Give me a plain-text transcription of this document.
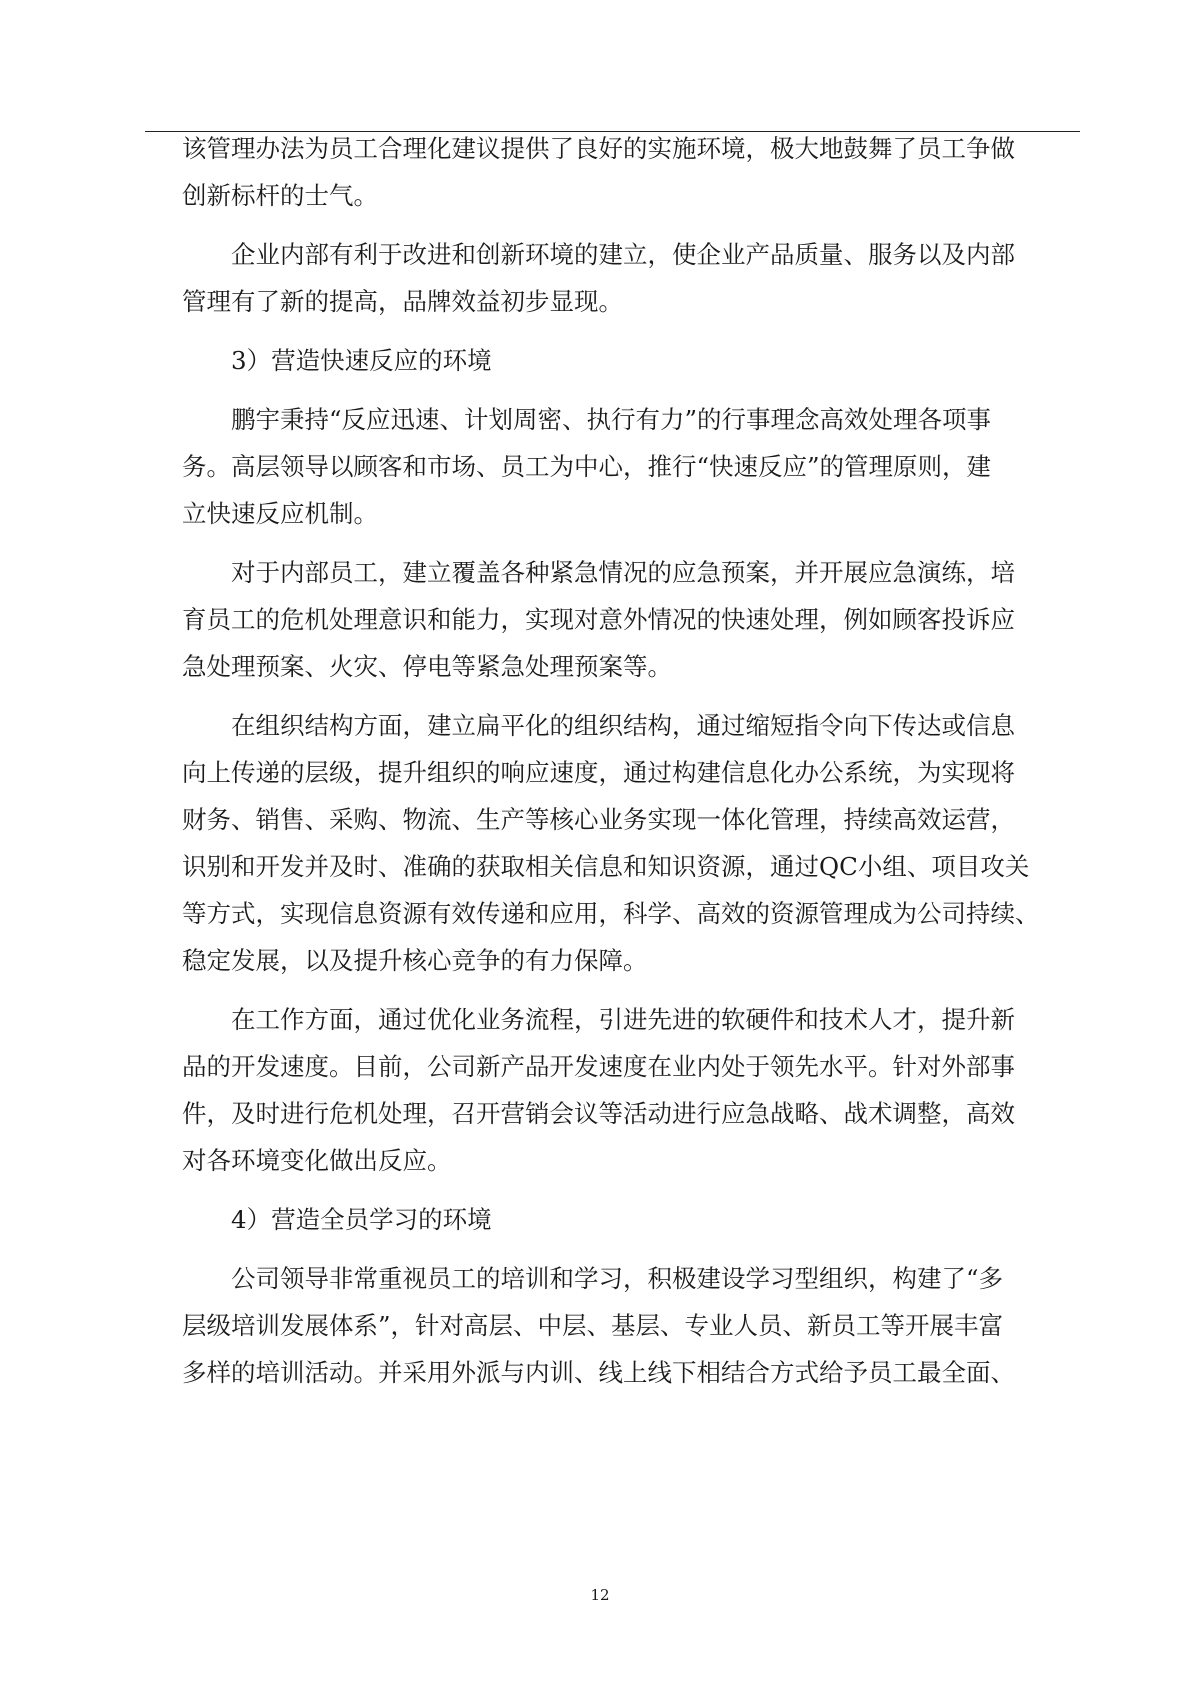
该管理办法为员工合理化建议提供了良好的实施环境，极大地鼓舞了员工争做
创新标杆的士气。
企业内部有利于改进和创新环境的建立，使企业产品质量、服务以及内部
管理有了新的提高，品牌效益初步显现。
3）营造快速反应的环境
鹏宇秉持“反应迅速、计划周密、执行有力”的行事理念高效处理各项事
务。高层领导以顾客和市场、员工为中心，推行“快速反应”的管理原则，建
立快速反应机制。
对于内部员工，建立覆盖各种紧急情况的应急预案，并开展应急演练，培
育员工的危机处理意识和能力，实现对意外情况的快速处理，例如顾客投诉应
急处理预案、火灾、停电等紧急处理预案等。
在组织结构方面，建立扁平化的组织结构，通过缩短指令向下传达或信息
向上传递的层级，提升组织的响应速度，通过构建信息化办公系统，为实现将
财务、销售、采购、物流、生产等核心业务实现一体化管理，持续高效运营，
识别和开发并及时、准确的获取相关信息和知识资源，通过QC小组、项目攻关
等方式，实现信息资源有效传递和应用，科学、高效的资源管理成为公司持续、
稳定发展，以及提升核心竞争的有力保障。
在工作方面，通过优化业务流程，引进先进的软硬件和技术人才，提升新
品的开发速度。目前，公司新产品开发速度在业内处于领先水平。针对外部事
件，及时进行危机处理，召开营销会议等活动进行应急战略、战术调整，高效
对各环境变化做出反应。
4）营造全员学习的环境
公司领导非常重视员工的培训和学习，积极建设学习型组织，构建了“多
层级培训发展体系”，针对高层、中层、基层、专业人员、新员工等开展丰富
多样的培训活动。并采用外派与内训、线上线下相结合方式给予员工最全面、
12
